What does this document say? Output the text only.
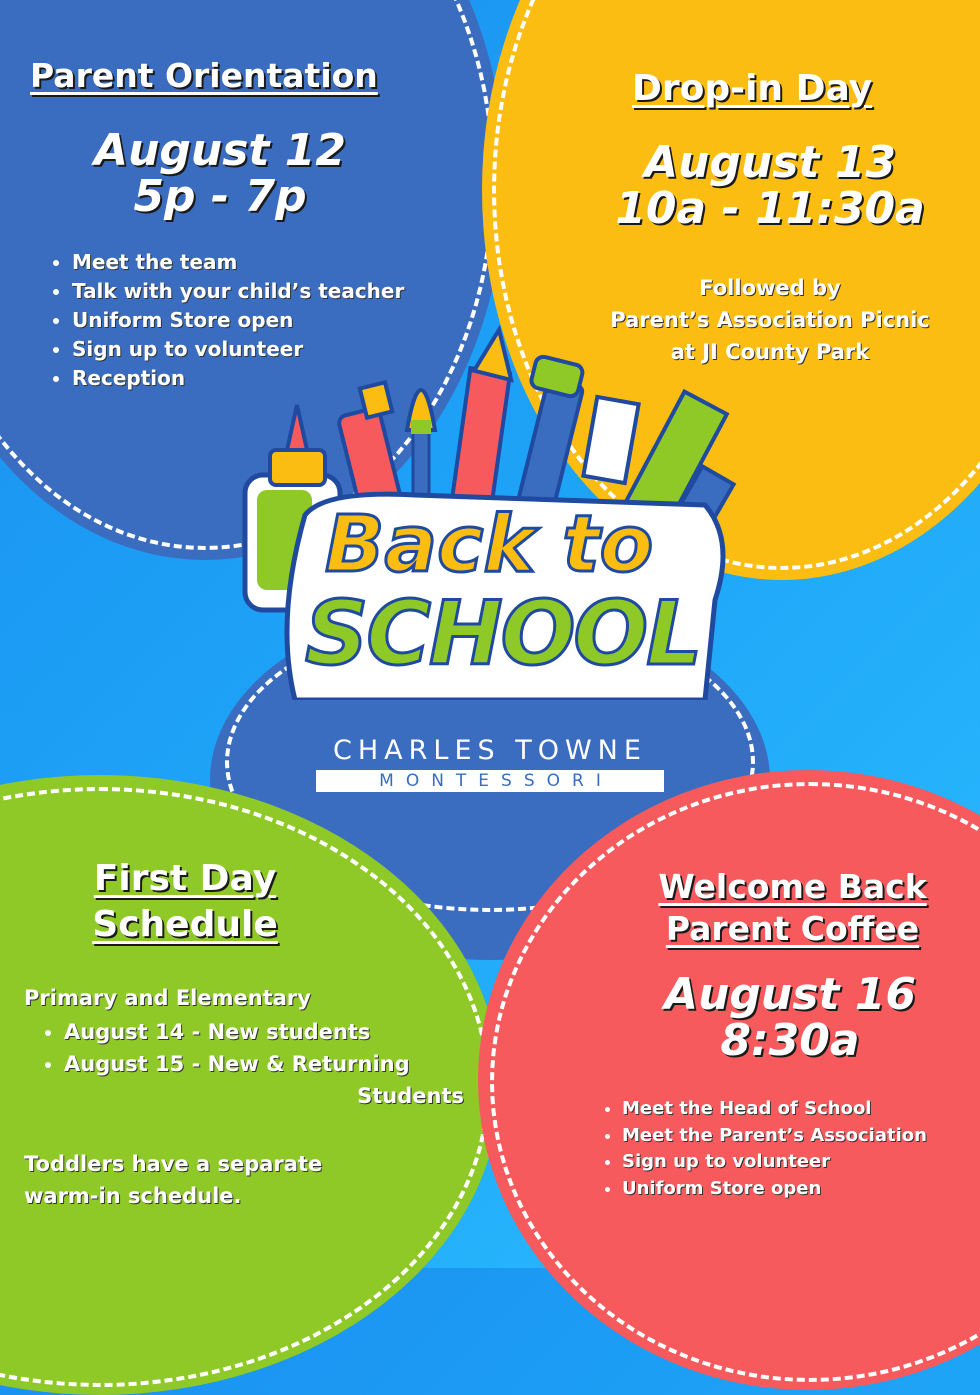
Parent Orientation
August 12
5p - 7p
• Meet the team
• Talk with your child’s teacher
• Uniform Store open
• Sign up to volunteer
• Reception
Drop-in Day
August 13
10a - 11:30a
Followed by
Parent’s Association Picnic
at JI County Park
Back to
SCHOOL
CHARLES TOWNE
MONTESSORI
First Day
Schedule
Primary and Elementary
• August 14 - New students
• August 15 - New & Returning
Students
Toddlers have a separate warm-in schedule.
Welcome Back
Parent Coffee
August 16
8:30a
• Meet the Head of School
• Meet the Parent’s Association
• Sign up to volunteer
• Uniform Store open
